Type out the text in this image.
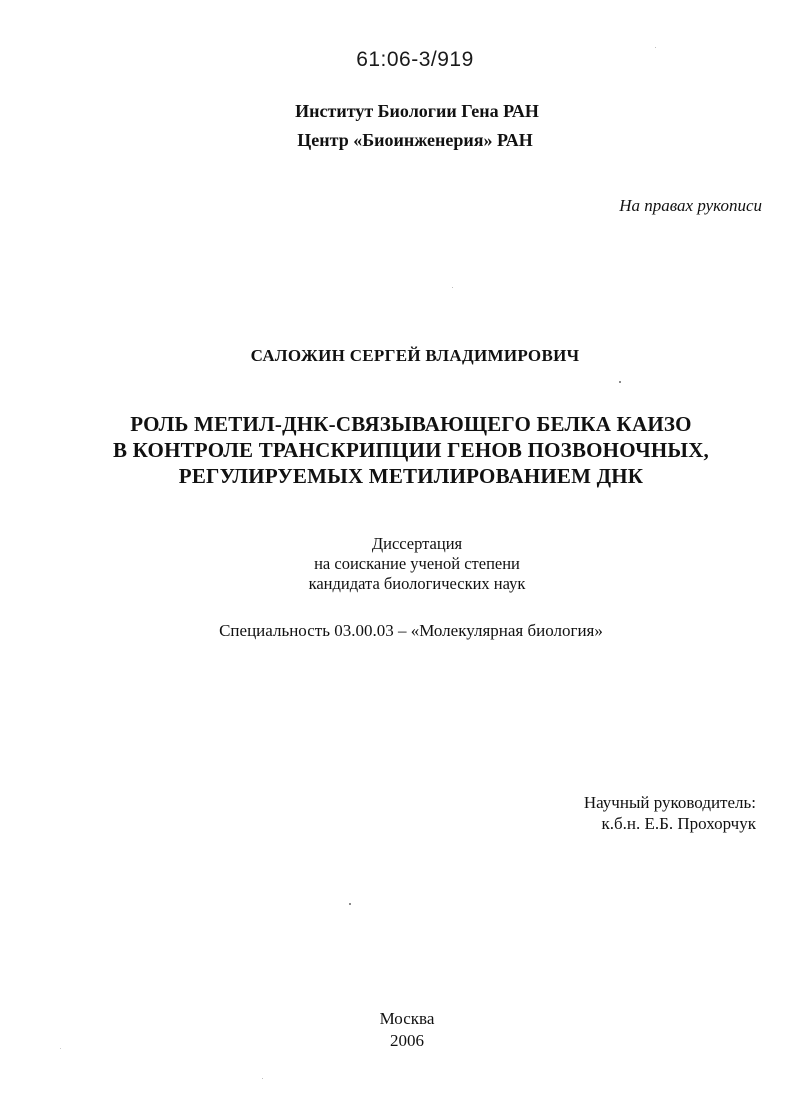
61:06-3/919
Институт Биологии Гена РАН
Центр «Биоинженерия» РАН
На правах рукописи
САЛОЖИН СЕРГЕЙ ВЛАДИМИРОВИЧ
РОЛЬ МЕТИЛ-ДНК-СВЯЗЫВАЮЩЕГО БЕЛКА КАИЗО
В КОНТРОЛЕ ТРАНСКРИПЦИИ ГЕНОВ ПОЗВОНОЧНЫХ,
РЕГУЛИРУЕМЫХ МЕТИЛИРОВАНИЕМ ДНК
Диссертация
на соискание ученой степени
кандидата биологических наук
Специальность 03.00.03 – «Молекулярная биология»
Научный руководитель:
к.б.н. Е.Б. Прохорчук
Москва
2006
